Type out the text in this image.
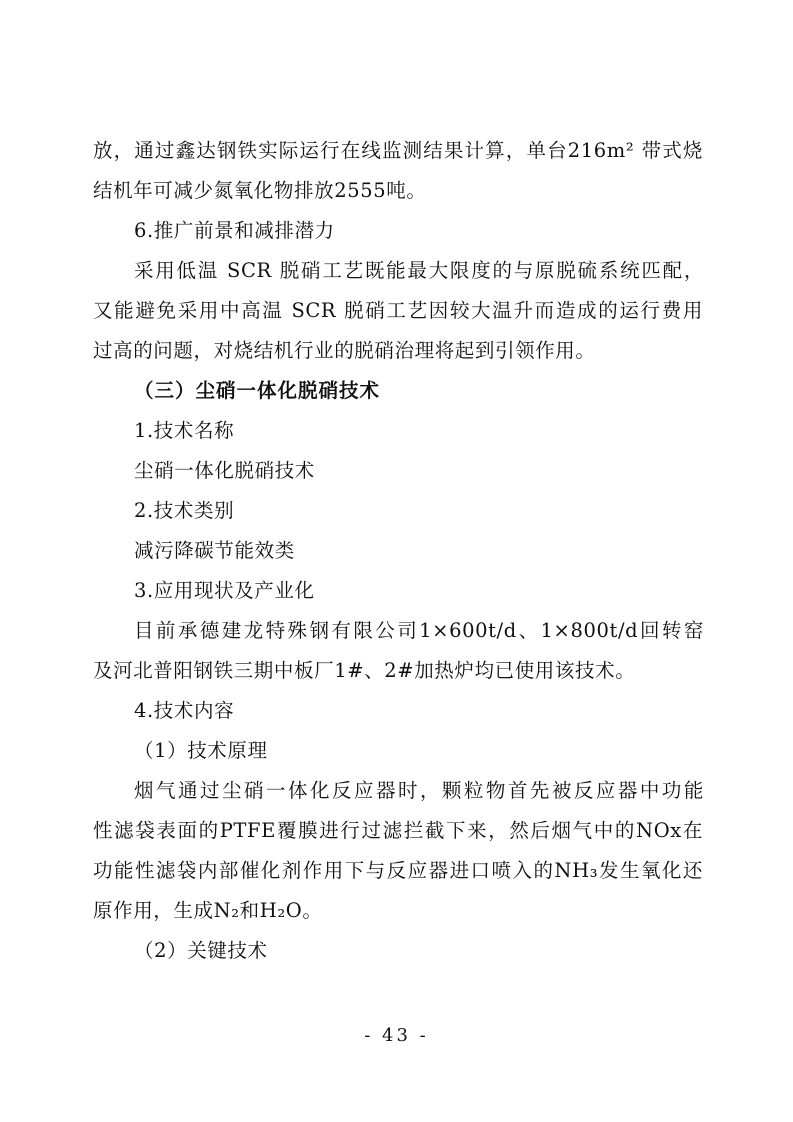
放，通过鑫达钢铁实际运行在线监测结果计算，单台216m² 带式烧
结机年可减少氮氧化物排放2555吨。
6.推广前景和减排潜力
采用低温 SCR 脱硝工艺既能最大限度的与原脱硫系统匹配，
又能避免采用中高温 SCR 脱硝工艺因较大温升而造成的运行费用
过高的问题，对烧结机行业的脱硝治理将起到引领作用。
（三）尘硝一体化脱硝技术
1.技术名称
尘硝一体化脱硝技术
2.技术类别
减污降碳节能效类
3.应用现状及产业化
目前承德建龙特殊钢有限公司1×600t/d、1×800t/d回转窑
及河北普阳钢铁三期中板厂1#、2#加热炉均已使用该技术。
4.技术内容
（1）技术原理
烟气通过尘硝一体化反应器时，颗粒物首先被反应器中功能
性滤袋表面的PTFE覆膜进行过滤拦截下来，然后烟气中的NOx在
功能性滤袋内部催化剂作用下与反应器进口喷入的NH₃发生氧化还
原作用，生成N₂和H₂O。
（2）关键技术
- 43 -
